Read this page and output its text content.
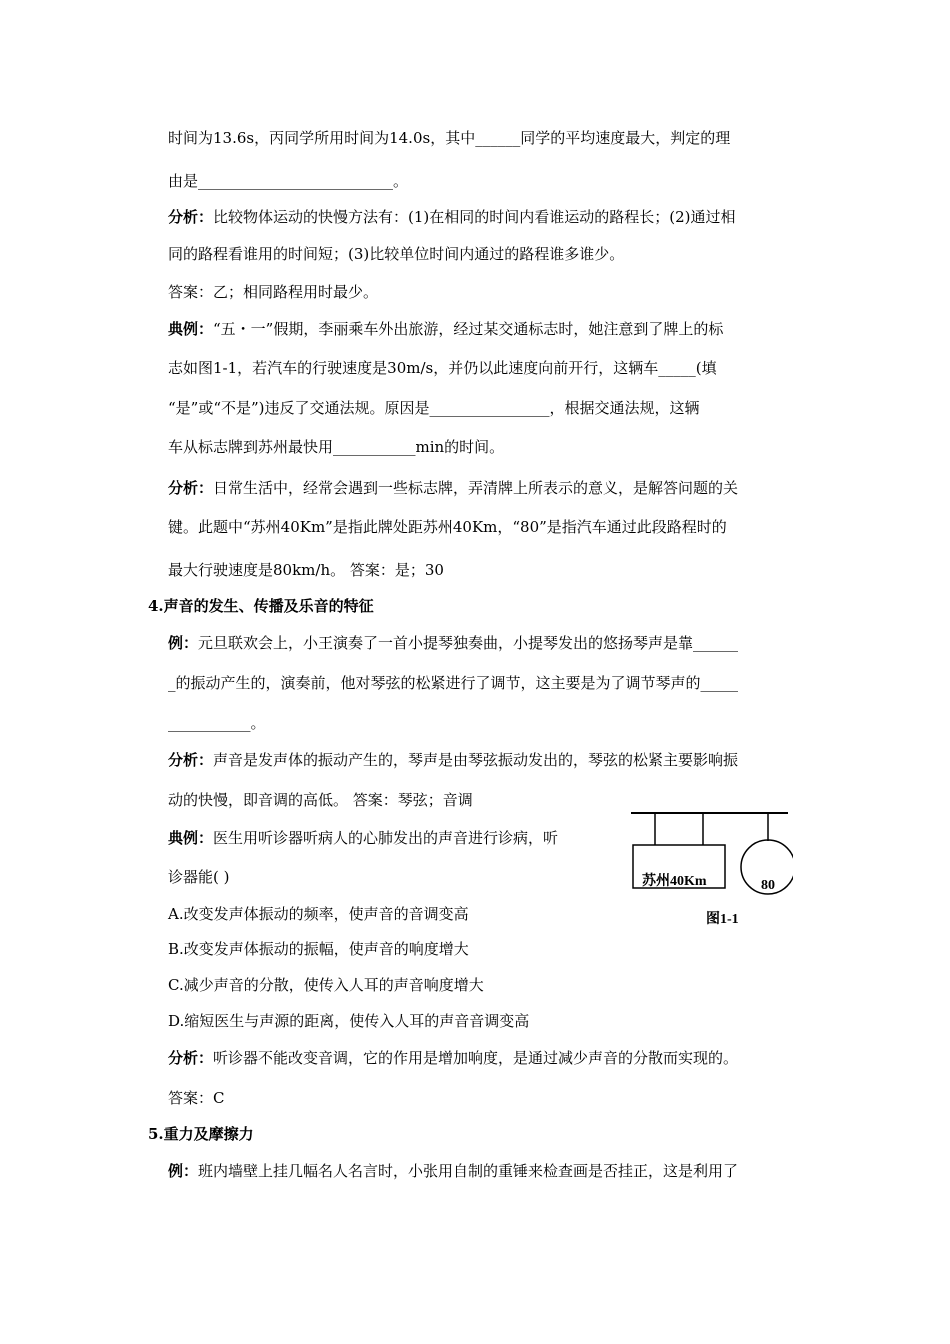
时间为13.6s，丙同学所用时间为14.0s，其中______同学的平均速度最大，判定的理
由是__________________________。
分析：比较物体运动的快慢方法有：(1)在相同的时间内看谁运动的路程长；(2)通过相
同的路程看谁用的时间短；(3)比较单位时间内通过的路程谁多谁少。
答案：乙；相同路程用时最少。
典例：“五・一”假期，李丽乘车外出旅游，经过某交通标志时，她注意到了牌上的标
志如图1-1，若汽车的行驶速度是30m/s，并仍以此速度向前开行，这辆车_____(填
“是”或“不是”)违反了交通法规。原因是________________，根据交通法规，这辆
车从标志牌到苏州最快用___________min的时间。
分析：日常生活中，经常会遇到一些标志牌，弄清牌上所表示的意义，是解答问题的关
键。此题中“苏州40Km”是指此牌处距苏州40Km，“80”是指汽车通过此段路程时的
最大行驶速度是80km/h。 答案：是；30
4.声音的发生、传播及乐音的特征
例：元旦联欢会上，小王演奏了一首小提琴独奏曲，小提琴发出的悠扬琴声是靠______
_的振动产生的，演奏前，他对琴弦的松紧进行了调节，这主要是为了调节琴声的_____
___________。
分析：声音是发声体的振动产生的，琴声是由琴弦振动发出的，琴弦的松紧主要影响振
动的快慢，即音调的高低。 答案：琴弦；音调
典例：医生用听诊器听病人的心肺发出的声音进行诊病，听
诊器能( )
A.改变发声体振动的频率，使声音的音调变高
B.改变发声体振动的振幅，使声音的响度增大
C.减少声音的分散，使传入人耳的声音响度增大
D.缩短医生与声源的距离，使传入人耳的声音音调变高
分析：听诊器不能改变音调，它的作用是增加响度，是通过减少声音的分散而实现的。
答案：C
5.重力及摩擦力
例：班内墙壁上挂几幅名人名言时，小张用自制的重锤来检查画是否挂正，这是利用了
苏州40Km	80
图1-1
